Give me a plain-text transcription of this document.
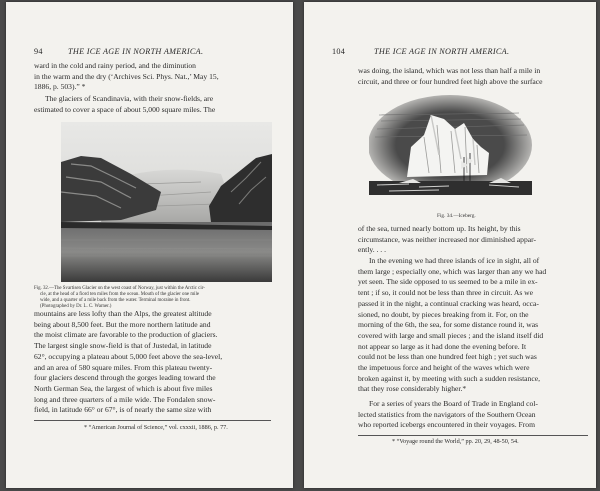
94	THE ICE AGE IN NORTH AMERICA.

ward in the cold and rainy period, and the diminution

in the warm and the dry (‘Archives Sci. Phys. Nat.,’ May 15,

1886, p. 503).” *

The glaciers of Scandinavia, with their snow-fields, are

estimated to cover a space of about 5,000 square miles. The

Fig. 32.—The Svartisen Glacier on the west coast of Norway, just within the Arctic cir-
cle, at the head of a fiord ten miles from the ocean. Mouth of the glacier one mile
wide, and a quarter of a mile back from the water. Terminal moraine in front.
(Photographed by Dr. L. C. Warner.)

mountains are less lofty than the Alps, the greatest altitude

being about 8,500 feet. But the more northern latitude and

the moist climate are favorable to the production of glaciers.

The largest single snow-field is that of Justedal, in latitude

62°, occupying a plateau about 5,000 feet above the sea-level,

and an area of 580 square miles. From this plateau twenty-

four glaciers descend through the gorges leading toward the

North German Sea, the largest of which is about five miles

long and three quarters of a mile wide. The Fondalen snow-

field, in latitude 66° or 67°, is of nearly the same size with

* “American Journal of Science,” vol. cxxxii, 1886, p. 77.
104	THE ICE AGE IN NORTH AMERICA.

was doing, the island, which was not less than half a mile in

circuit, and three or four hundred feet high above the surface

Fig. 34.—Iceberg.

of the sea, turned nearly bottom up. Its height, by this

circumstance, was neither increased nor diminished appar-

ently. . . .

In the evening we had three islands of ice in sight, all of

them large ; especially one, which was larger than any we had

yet seen. The side opposed to us seemed to be a mile in ex-

tent ; if so, it could not be less than three in circuit. As we

passed it in the night, a continual cracking was heard, occa-

sioned, no doubt, by pieces breaking from it. For, on the

morning of the 6th, the sea, for some distance round it, was

covered with large and small pieces ; and the island itself did

not appear so large as it had done the evening before. It

could not be less than one hundred feet high ; yet such was

the impetuous force and height of the waves which were

broken against it, by meeting with such a sudden resistance,

that they rose considerably higher.*

For a series of years the Board of Trade in England col-

lected statistics from the navigators of the Southern Ocean

who reported icebergs encountered in their voyages. From

* “Voyage round the World,” pp. 20, 29, 48-50, 54.
